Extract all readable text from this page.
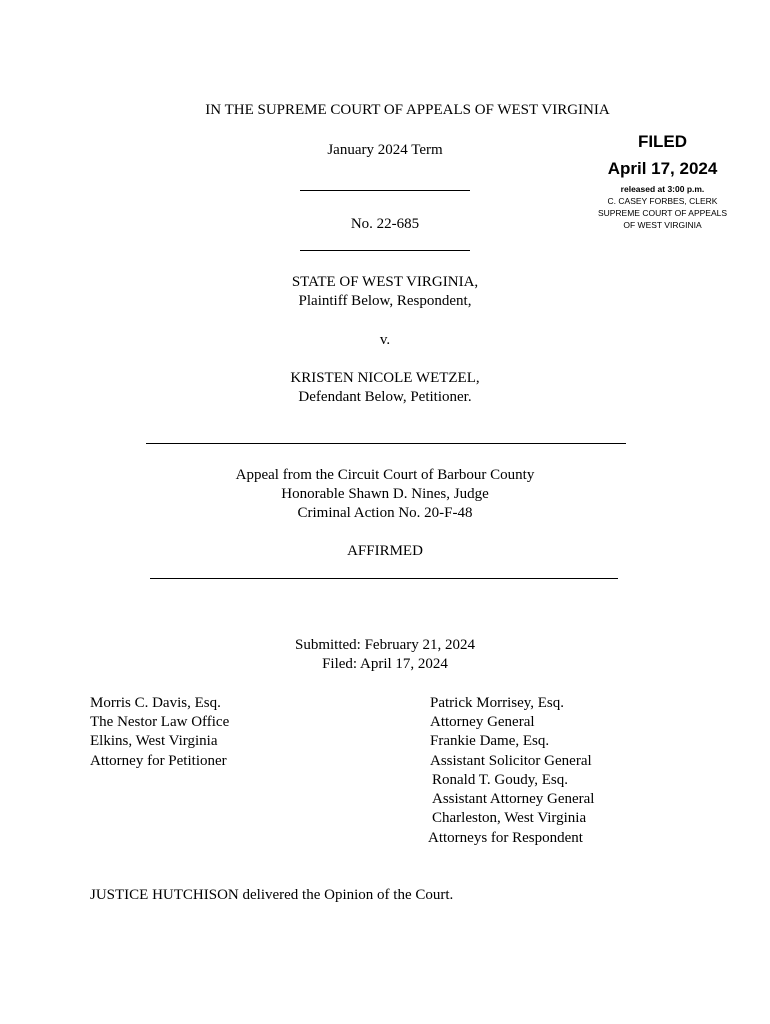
IN THE SUPREME COURT OF APPEALS OF WEST VIRGINIA
January 2024 Term
No. 22-685
FILED
April 17, 2024
released at 3:00 p.m.
C. CASEY FORBES, CLERK
SUPREME COURT OF APPEALS
OF WEST VIRGINIA
STATE OF WEST VIRGINIA,
Plaintiff Below, Respondent,
v.
KRISTEN NICOLE WETZEL,
Defendant Below, Petitioner.
Appeal from the Circuit Court of Barbour County
Honorable Shawn D. Nines, Judge
Criminal Action No. 20-F-48
AFFIRMED
Submitted: February 21, 2024
Filed: April 17, 2024
Morris C. Davis, Esq.
The Nestor Law Office
Elkins, West Virginia
Attorney for Petitioner
Patrick Morrisey, Esq.
Attorney General
Frankie Dame, Esq.
Assistant Solicitor General
Ronald T. Goudy, Esq.
Assistant Attorney General
Charleston, West Virginia
Attorneys for Respondent
JUSTICE HUTCHISON delivered the Opinion of the Court.
